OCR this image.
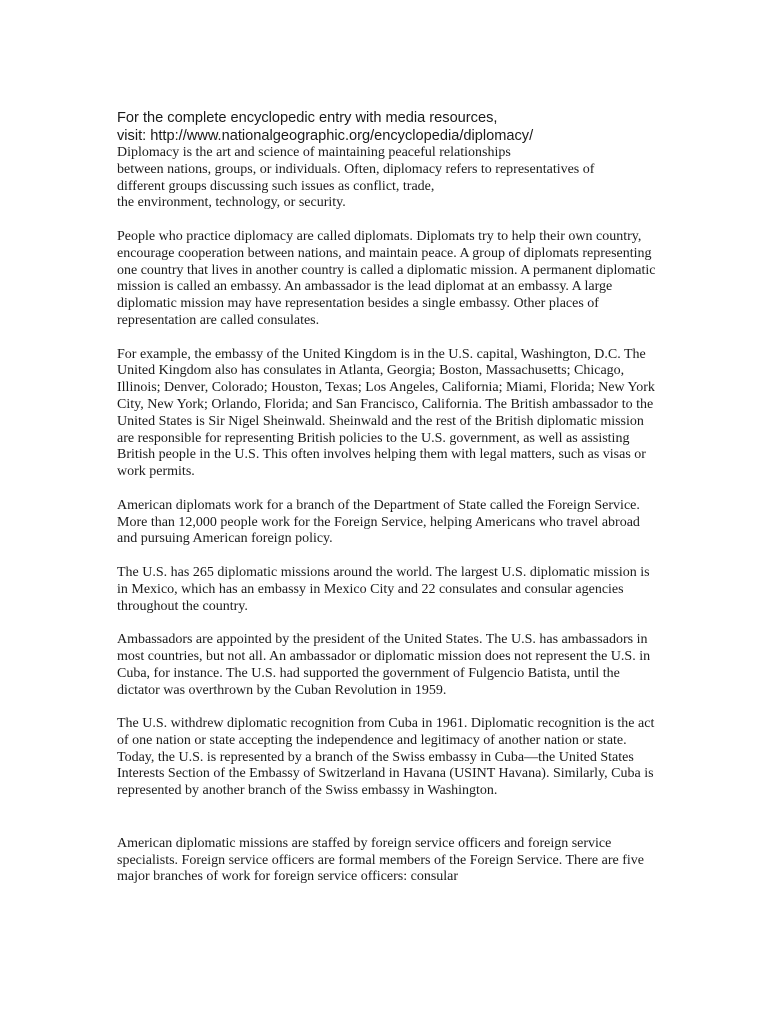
For the complete encyclopedic entry with media resources,
visit: http://www.nationalgeographic.org/encyclopedia/diplomacy/
Diplomacy is the art and science of maintaining peaceful relationships
between nations, groups, or individuals. Often, diplomacy refers to representatives of
different groups discussing such issues as conflict, trade,
the environment, technology, or security.

People who practice diplomacy are called diplomats. Diplomats try to help their own country, encourage cooperation between nations, and maintain peace. A group of diplomats representing one country that lives in another country is called a diplomatic mission. A permanent diplomatic mission is called an embassy. An ambassador is the lead diplomat at an embassy. A large diplomatic mission may have representation besides a single embassy. Other places of representation are called consulates.

For example, the embassy of the United Kingdom is in the U.S. capital, Washington, D.C. The United Kingdom also has consulates in Atlanta, Georgia; Boston, Massachusetts; Chicago, Illinois; Denver, Colorado; Houston, Texas; Los Angeles, California; Miami, Florida; New York City, New York; Orlando, Florida; and San Francisco, California. The British ambassador to the United States is Sir Nigel Sheinwald. Sheinwald and the rest of the British diplomatic mission are responsible for representing British policies to the U.S. government, as well as assisting British people in the U.S. This often involves helping them with legal matters, such as visas or work permits.

American diplomats work for a branch of the Department of State called the Foreign Service. More than 12,000 people work for the Foreign Service, helping Americans who travel abroad and pursuing American foreign policy.

The U.S. has 265 diplomatic missions around the world. The largest U.S. diplomatic mission is in Mexico, which has an embassy in Mexico City and 22 consulates and consular agencies throughout the country.

Ambassadors are appointed by the president of the United States. The U.S. has ambassadors in most countries, but not all. An ambassador or diplomatic mission does not represent the U.S. in Cuba, for instance. The U.S. had supported the government of Fulgencio Batista, until the dictator was overthrown by the Cuban Revolution in 1959.

The U.S. withdrew diplomatic recognition from Cuba in 1961. Diplomatic recognition is the act of one nation or state accepting the independence and legitimacy of another nation or state. Today, the U.S. is represented by a branch of the Swiss embassy in Cuba—the United States Interests Section of the Embassy of Switzerland in Havana (USINT Havana). Similarly, Cuba is represented by another branch of the Swiss embassy in Washington.

American diplomatic missions are staffed by foreign service officers and foreign service specialists. Foreign service officers are formal members of the Foreign Service. There are five major branches of work for foreign service officers: consular
